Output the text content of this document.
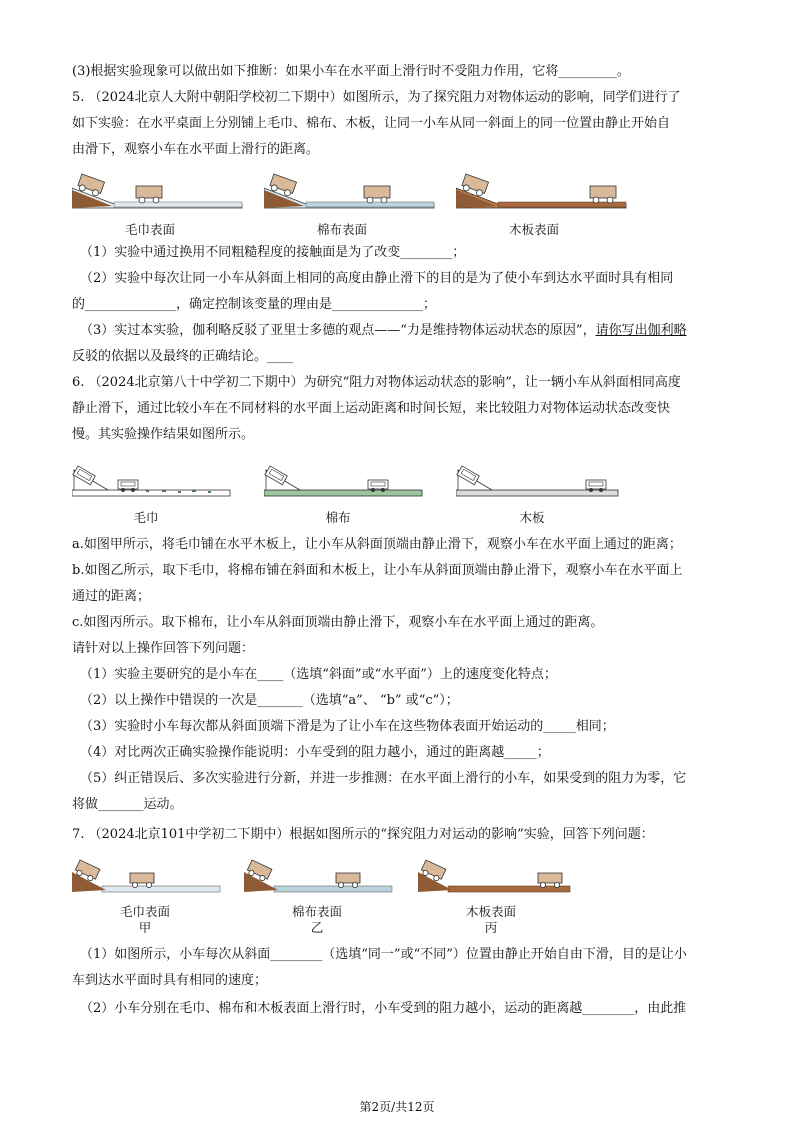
(3)根据实验现象可以做出如下推断：如果小车在水平面上滑行时不受阻力作用，它将_________。
5. （2024北京人大附中朝阳学校初二下期中）如图所示，为了探究阻力对物体运动的影响，同学们进行了
如下实验：在水平桌面上分别铺上毛巾、棉布、木板，让同一小车从同一斜面上的同一位置由静止开始自
由滑下，观察小车在水平面上滑行的距离。
毛巾表面	棉布表面	木板表面
（1）实验中通过换用不同粗糙程度的接触面是为了改变________；
（2）实验中每次让同一小车从斜面上相同的高度由静止滑下的目的是为了使小车到达水平面时具有相同
的______________，确定控制该变量的理由是______________；
（3）实过本实验，伽利略反驳了亚里士多德的观点——“力是维持物体运动状态的原因”，请你写出伽利略
反驳的依据以及最终的正确结论。____
6. （2024北京第八十中学初二下期中）为研究“阻力对物体运动状态的影响”，让一辆小车从斜面相同高度
静止滑下，通过比较小车在不同材料的水平面上运动距离和时间长短，来比较阻力对物体运动状态改变快
慢。其实验操作结果如图所示。
毛巾	棉布	木板
a.如图甲所示，将毛巾铺在水平木板上，让小车从斜面顶端由静止滑下，观察小车在水平面上通过的距离；
b.如图乙所示，取下毛巾，将棉布铺在斜面和木板上，让小车从斜面顶端由静止滑下，观察小车在水平面上
通过的距离；
c.如图丙所示。取下棉布，让小车从斜面顶端由静止滑下，观察小车在水平面上通过的距离。
请针对以上操作回答下列问题：
（1）实验主要研究的是小车在____（选填“斜面”或“水平面”）上的速度变化特点；
（2）以上操作中错误的一次是_______（选填“a”、 “b” 或“c”）；
（3）实验时小车每次都从斜面顶端下滑是为了让小车在这些物体表面开始运动的_____相同；
（4）对比两次正确实验操作能说明：小车受到的阻力越小，通过的距离越_____；
（5）纠正错误后、多次实验进行分新，并进一步推测：在水平面上滑行的小车，如果受到的阻力为零，它
将做_______运动。
7. （2024北京101中学初二下期中）根据如图所示的“探究阻力对运动的影响”实验，回答下列问题：
毛巾表面	棉布表面	木板表面
甲	乙	丙
（1）如图所示，小车每次从斜面________（选填“同一”或“不同”）位置由静止开始自由下滑，目的是让小
车到达水平面时具有相同的速度；
（2）小车分别在毛巾、棉布和木板表面上滑行时，小车受到的阻力越小，运动的距离越________，由此推
第2页/共12页
